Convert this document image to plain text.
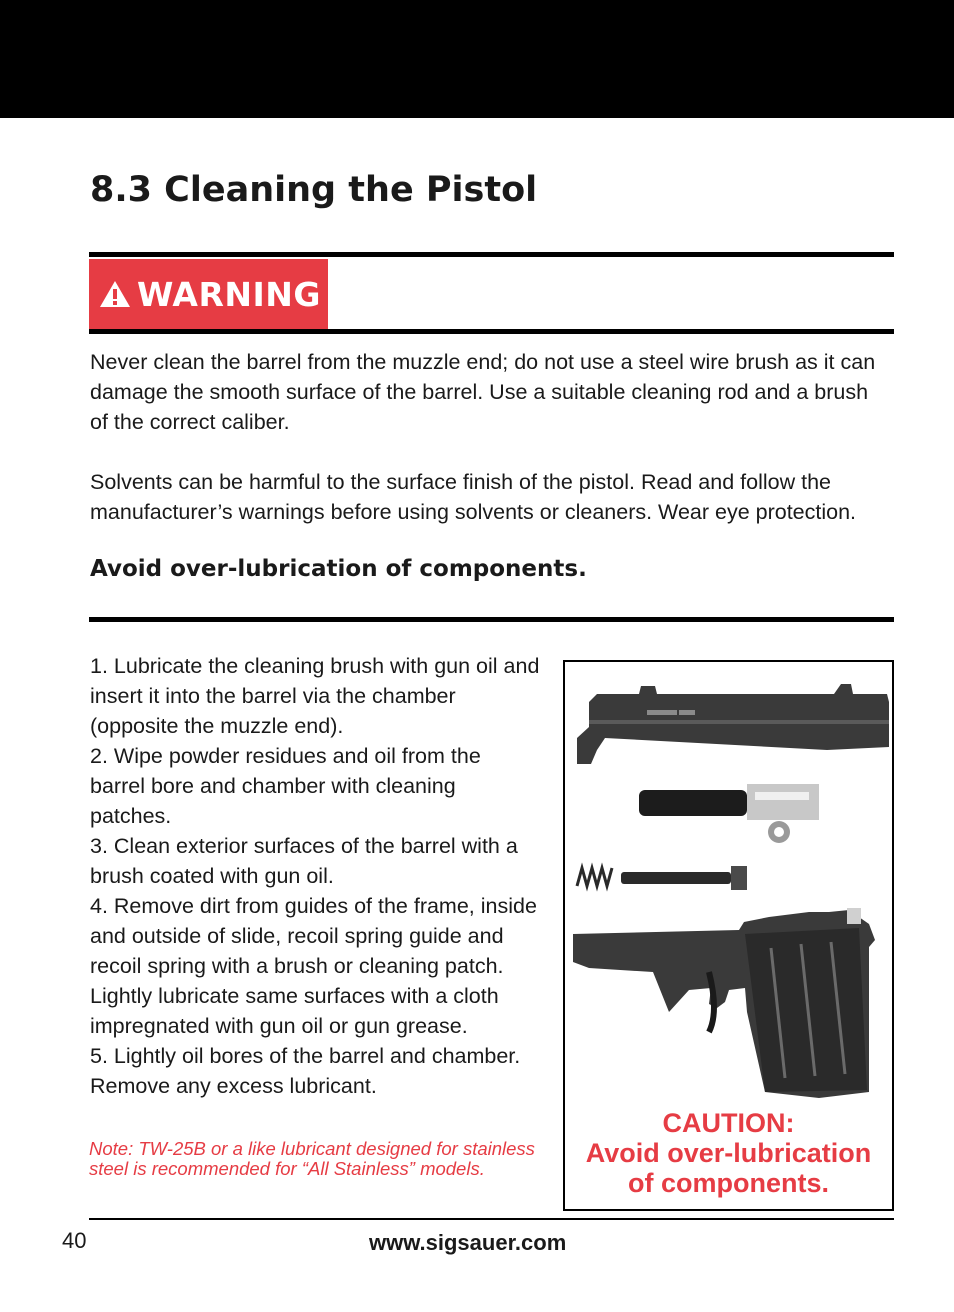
8.3 Cleaning the Pistol
WARNING

Never clean the barrel from the muzzle end; do not use a steel wire brush as it can damage the smooth surface of the barrel. Use a suitable cleaning rod and a brush of the correct caliber.

Solvents can be harmful to the surface finish of the pistol. Read and follow the manufacturer’s warnings before using solvents or cleaners. Wear eye protection.

Avoid over-lubrication of components.
1. Lubricate the cleaning brush with gun oil and insert it into the barrel via the chamber (opposite the muzzle end).
2. Wipe powder residues and oil from the barrel bore and chamber with cleaning patches.
3. Clean exterior surfaces of the barrel with a brush coated with gun oil.
4. Remove dirt from guides of the frame, inside and outside of slide, recoil spring guide and recoil spring with a brush or cleaning patch. Lightly lubricate same surfaces with a cloth impregnated with gun oil or gun grease.
5. Lightly oil bores of the barrel and chamber. Remove any excess lubricant.

Note: TW-25B or a like lubricant designed for stainless steel is recommended for “All Stainless” models.

CAUTION:
Avoid over-lubrication
of components.
40	www.sigsauer.com
